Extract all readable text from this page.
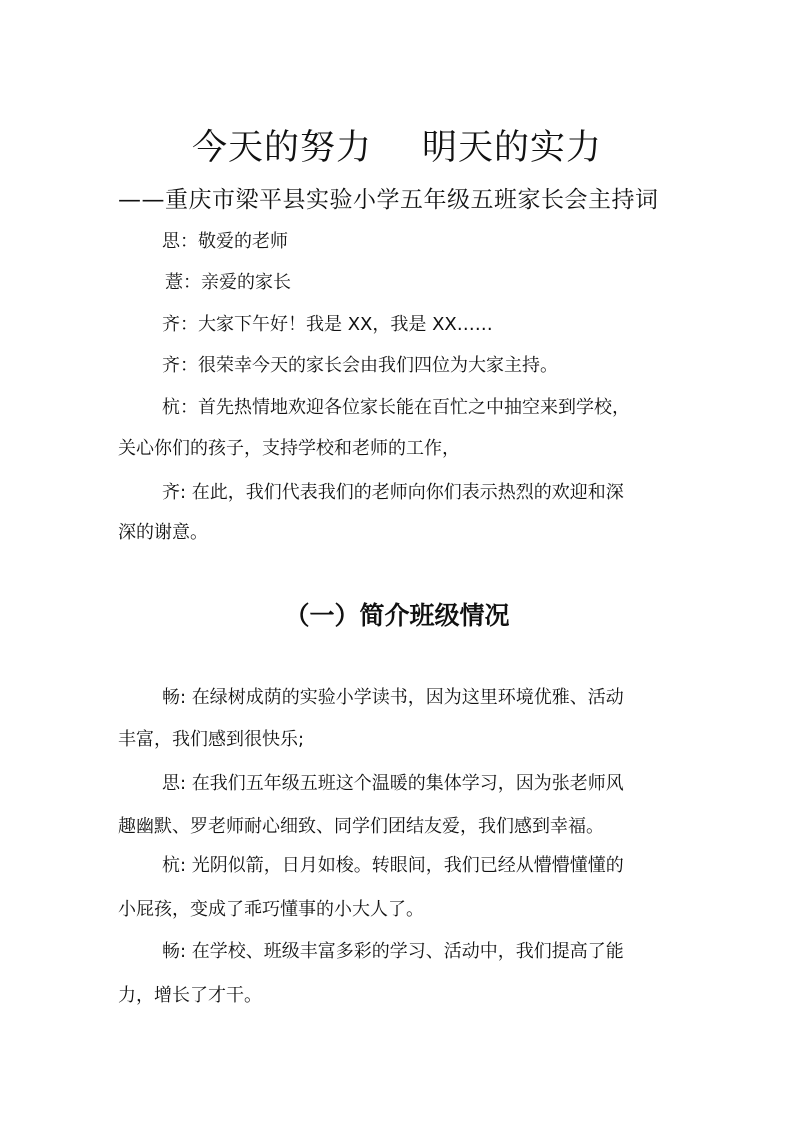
今天的努力 明天的实力
——重庆市梁平县实验小学五年级五班家长会主持词
思：敬爱的老师
薏：亲爱的家长
齐：大家下午好！我是 XX，我是 XX……
齐：很荣幸今天的家长会由我们四位为大家主持。
杭：首先热情地欢迎各位家长能在百忙之中抽空来到学校，
关心你们的孩子，支持学校和老师的工作，
齐: 在此，我们代表我们的老师向你们表示热烈的欢迎和深
深的谢意。
（一）简介班级情况
畅: 在绿树成荫的实验小学读书，因为这里环境优雅、活动
丰富，我们感到很快乐;
思: 在我们五年级五班这个温暖的集体学习，因为张老师风
趣幽默、罗老师耐心细致、同学们团结友爱，我们感到幸福。
杭: 光阴似箭，日月如梭。转眼间，我们已经从懵懵懂懂的
小屁孩，变成了乖巧懂事的小大人了。
畅: 在学校、班级丰富多彩的学习、活动中，我们提高了能
力，增长了才干。
